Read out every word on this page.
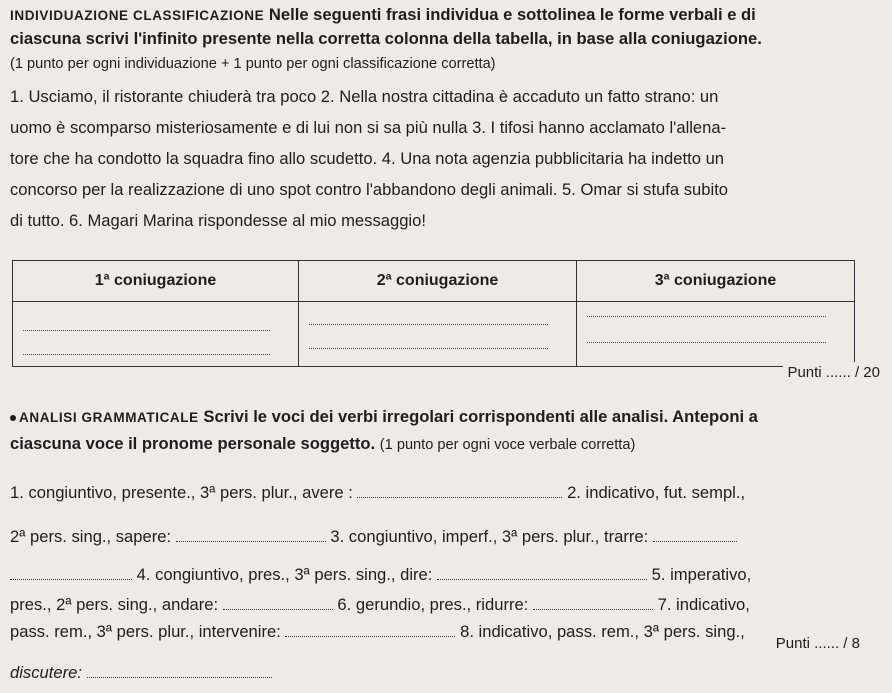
INDIVIDUAZIONE CLASSIFICAZIONE Nelle seguenti frasi individua e sottolinea le forme verbali e di
ciascuna scrivi l'infinito presente nella corretta colonna della tabella, in base alla coniugazione.
(1 punto per ogni individuazione + 1 punto per ogni classificazione corretta)
1. Usciamo, il ristorante chiuderà tra poco 2. Nella nostra cittadina è accaduto un fatto strano: un
uomo è scomparso misteriosamente e di lui non si sa più nulla 3. I tifosi hanno acclamato l'allena-
tore che ha condotto la squadra fino allo scudetto. 4. Una nota agenzia pubblicitaria ha indetto un
concorso per la realizzazione di uno spot contro l'abbandono degli animali. 5. Omar si stufa subito
di tutto. 6. Magari Marina rispondesse al mio messaggio!
1ª coniugazione	2ª coniugazione	3ª coniugazione

Punti ...... / 20
ANALISI GRAMMATICALE Scrivi le voci dei verbi irregolari corrispondenti alle analisi. Anteponi a
ciascuna voce il pronome personale soggetto. (1 punto per ogni voce verbale corretta)
1. congiuntivo, presente., 3ª pers. plur., avere :	2. indicativo, fut. sempl.,
2ª pers. sing., sapere:	3. congiuntivo, imperf., 3ª pers. plur., trarre:
4. congiuntivo, pres., 3ª pers. sing., dire:	5. imperativo,
pres., 2ª pers. sing., andare:	6. gerundio, pres., ridurre:	7. indicativo,
pass. rem., 3ª pers. plur., intervenire:	8. indicativo, pass. rem., 3ª pers. sing.,
discutere:
Punti ...... / 8
